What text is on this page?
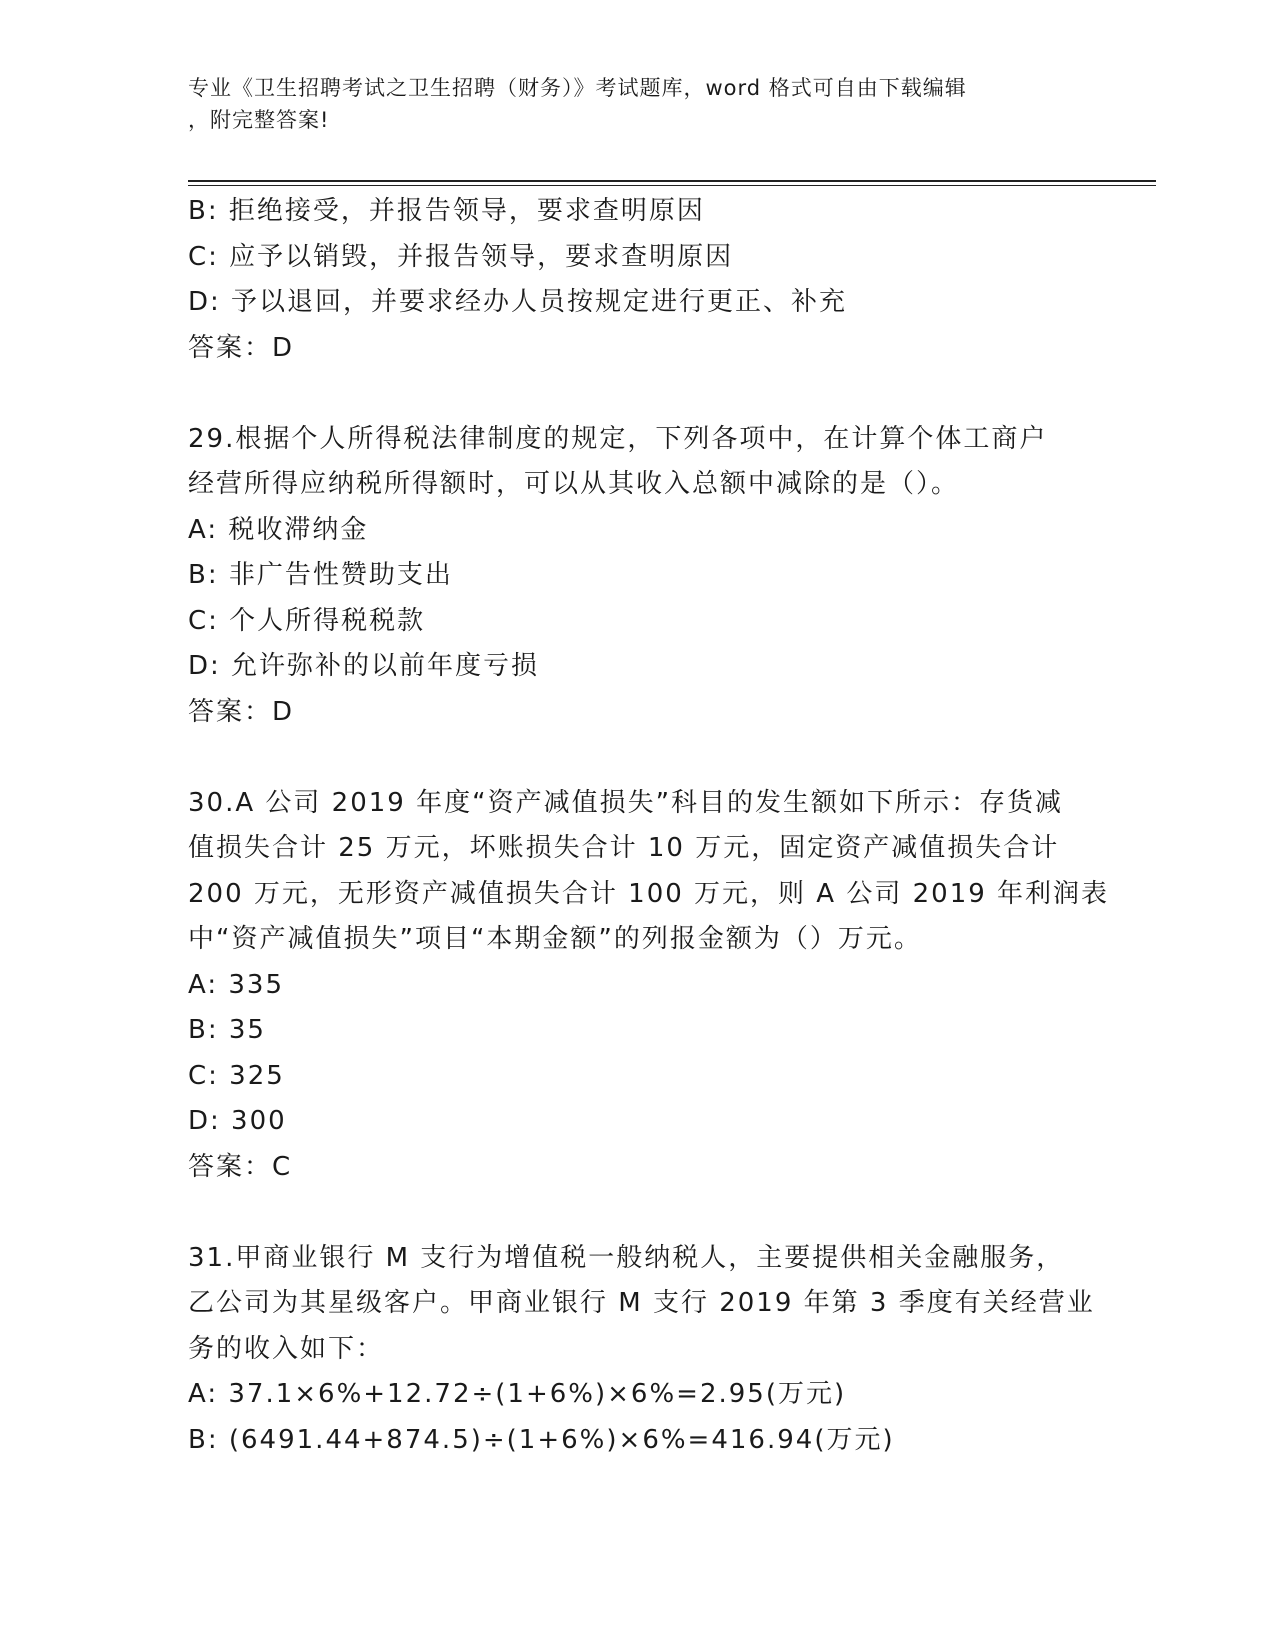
专业《卫生招聘考试之卫生招聘（财务）》考试题库，word 格式可自由下载编辑
，附完整答案!
B: 拒绝接受，并报告领导，要求查明原因
C: 应予以销毁，并报告领导，要求查明原因
D: 予以退回，并要求经办人员按规定进行更正、补充
答案：D
29.根据个人所得税法律制度的规定，下列各项中，在计算个体工商户
经营所得应纳税所得额时，可以从其收入总额中减除的是（）。
A: 税收滞纳金
B: 非广告性赞助支出
C: 个人所得税税款
D: 允许弥补的以前年度亏损
答案：D
30.A 公司 2019 年度“资产减值损失”科目的发生额如下所示：存货减
值损失合计 25 万元，坏账损失合计 10 万元，固定资产减值损失合计
200 万元，无形资产减值损失合计 100 万元，则 A 公司 2019 年利润表
中“资产减值损失”项目“本期金额”的列报金额为（）万元。
A: 335
B: 35
C: 325
D: 300
答案：C
31.甲商业银行 M 支行为增值税一般纳税人，主要提供相关金融服务，
乙公司为其星级客户。甲商业银行 M 支行 2019 年第 3 季度有关经营业
务的收入如下：
A: 37.1×6%+12.72÷(1+6%)×6%=2.95(万元)
B: (6491.44+874.5)÷(1+6%)×6%=416.94(万元)
